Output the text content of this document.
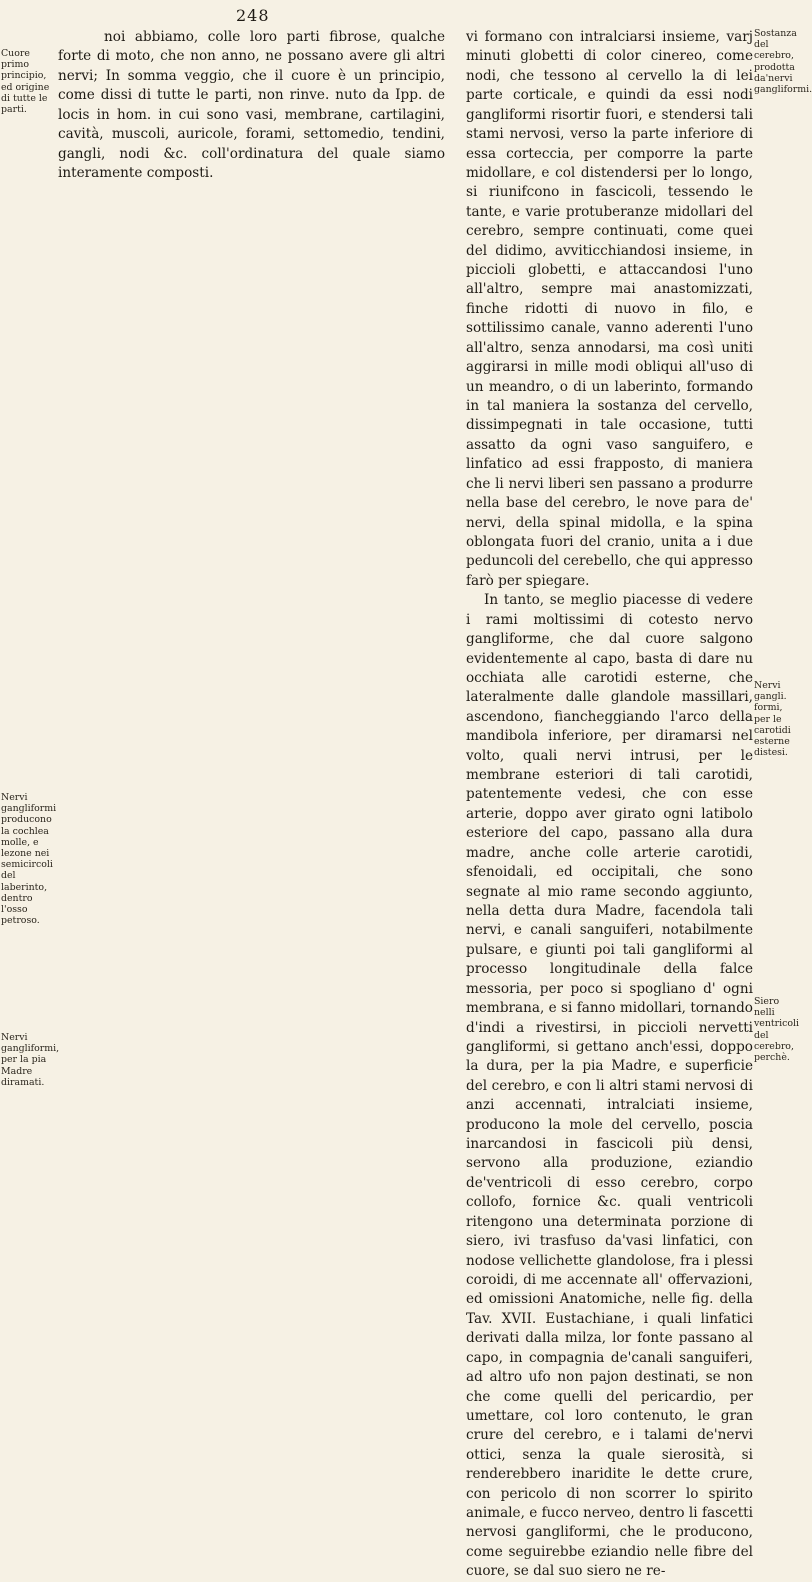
248
Cuore primo principio, ed origine di tutte le parti.
Nervi gangliformi producono la cochlea molle, e lezone nei semicircoli del laberinto, dentro l'osso petroso.
Nervi gangliformi, per la pia Madre diramati.
Sostanza del cerebro, prodotta da'nervi gangliformi.
Nervi gangli. formi, per le carotidi esterne distesi.
Siero nelli ventricoli del cerebro, perchè.

noi abbiamo, colle loro parti fibrose, qualche forte di moto, che non anno, ne possano avere gli altri nervi; In somma veggio, che il cuore è un principio, come dissi di tutte le parti, non rinve. nuto da Ipp. de locis in hom. in cui sono vasi, membrane, cartilagini, cavità, muscoli, auricole, forami, settomedio, tendini, gangli, nodi &c. coll'ordinatura del quale siamo interamente composti.

vi formano con intralciarsi insieme, varj minuti globetti di color cinereo, come nodi, che tessono al cervello la di lei parte corticale, e quindi da essi nodi gangliformi risortir fuori, e stendersi tali stami nervosi, verso la parte inferiore di essa corteccia, per comporre la parte midollare, e col distendersi per lo longo, si riunifcono in fascicoli, tessendo le tante, e varie protuberanze midollari del cerebro, sempre continuati, come quei del didimo, avviticchiandosi insieme, in piccioli globetti, e attaccandosi l'uno all'altro, sempre mai anastomizzati, finche ridotti di nuovo in filo, e sottilissimo canale, vanno aderenti l'uno all'altro, senza annodarsi, ma così uniti aggirarsi in mille modi obliqui all'uso di un meandro, o di un laberinto, formando in tal maniera la sostanza del cervello, dissimpegnati in tale occasione, tutti assatto da ogni vaso sanguifero, e linfatico ad essi frapposto, di maniera che li nervi liberi sen passano a produrre nella base del cerebro, le nove para de' nervi, della spinal midolla, e la spina oblongata fuori del cranio, unita a i due peduncoli del cerebello, che qui appresso farò per spiegare.

In tanto, se meglio piacesse di vedere i rami moltissimi di cotesto nervo gangliforme, che dal cuore salgono evidentemente al capo, basta di dare nu occhiata alle carotidi esterne, che lateralmente dalle glandole massillari, ascendono, fiancheggiando l'arco della mandibola inferiore, per diramarsi nel volto, quali nervi intrusi, per le membrane esteriori di tali carotidi, patentemente vedesi, che con esse arterie, doppo aver girato ogni latibolo esteriore del capo, passano alla dura madre, anche colle arterie carotidi, sfenoidali, ed occipitali, che sono segnate al mio rame secondo aggiunto, nella detta dura Madre, facendola tali nervi, e canali sanguiferi, notabilmente pulsare, e giunti poi tali gangliformi al processo longitudinale della falce messoria, per poco si spogliano d' ogni membrana, e si fanno midollari, tornando d'indi a rivestirsi, in piccioli nervetti gangliformi, si gettano anch'essi, doppo la dura, per la pia Madre, e superficie del cerebro, e con li altri stami nervosi di anzi accennati, intralciati insieme, producono la mole del cervello, poscia inarcandosi in fascicoli più densi, servono alla produzione, eziandio de'ventricoli di esso cerebro, corpo collofo, fornice &c. quali ventricoli ritengono una determinata porzione di siero, ivi trasfuso da'vasi linfatici, con nodose vellichette glandolose, fra i plessi coroidi, di me accennate all' offervazioni, ed omissioni Anatomiche, nelle fig. della Tav. XVII. Eustachiane, i quali linfatici derivati dalla milza, lor fonte passano al capo, in compagnia de'canali sanguiferi, ad altro ufo non pajon destinati, se non che come quelli del pericardio, per umettare, col loro contenuto, le gran crure del cerebro, e i talami de'nervi ottici, senza la quale sierosità, si renderebbero inaridite le dette crure, con pericolo di non scorrer lo spirito animale, e fucco nerveo, dentro li fascetti nervosi gangliformi, che le producono, come seguirebbe eziandio nelle fibre del cuore, se dal suo siero ne re-
